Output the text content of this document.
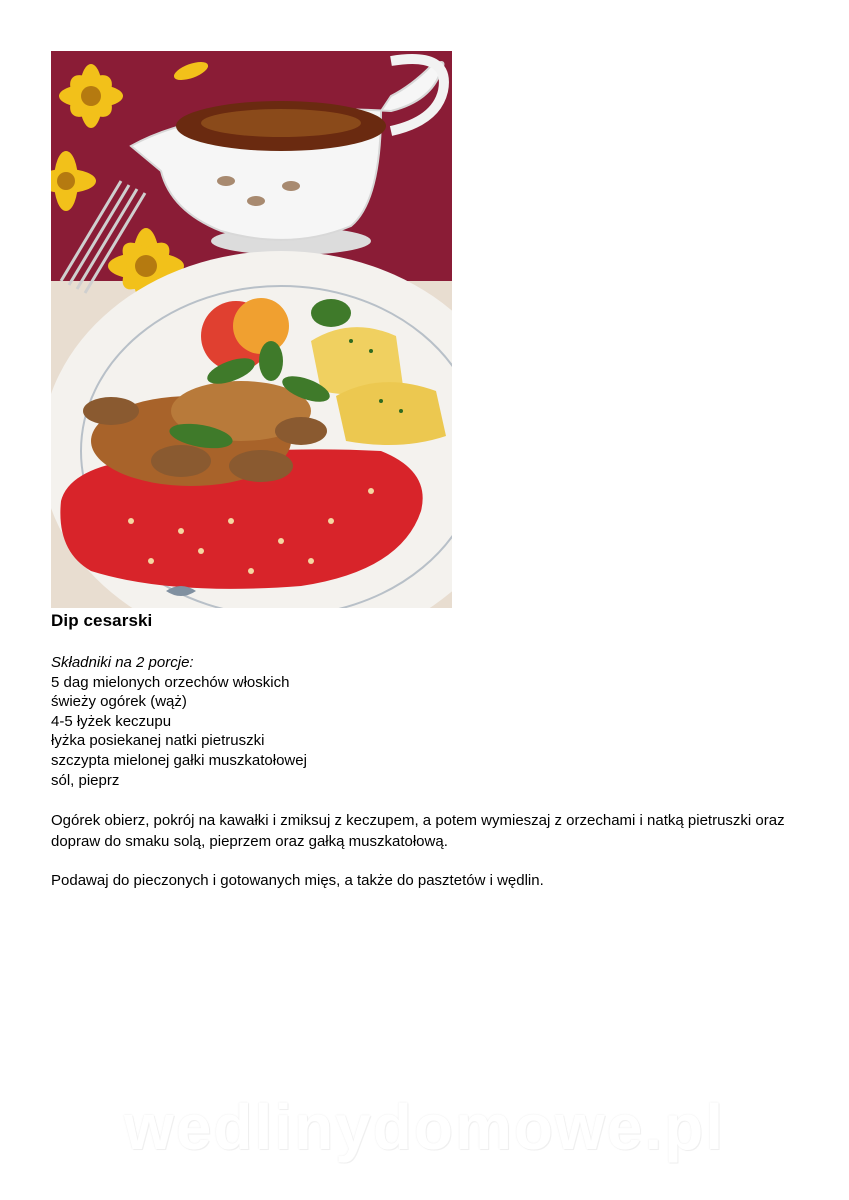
Dip cesarski
Składniki na 2 porcje:
5 dag mielonych orzechów włoskich
świeży ogórek (wąż)
4-5 łyżek keczupu
łyżka posiekanej natki pietruszki
szczypta mielonej gałki muszkatołowej
sól, pieprz

Ogórek obierz, pokrój na kawałki i zmiksuj z keczupem, a potem wymieszaj z orzechami i natką pietruszki oraz dopraw do smaku solą, pieprzem oraz gałką muszkatołową.

Podawaj do pieczonych i gotowanych mięs, a także do pasztetów i wędlin.

wedlinydomowe.pl
